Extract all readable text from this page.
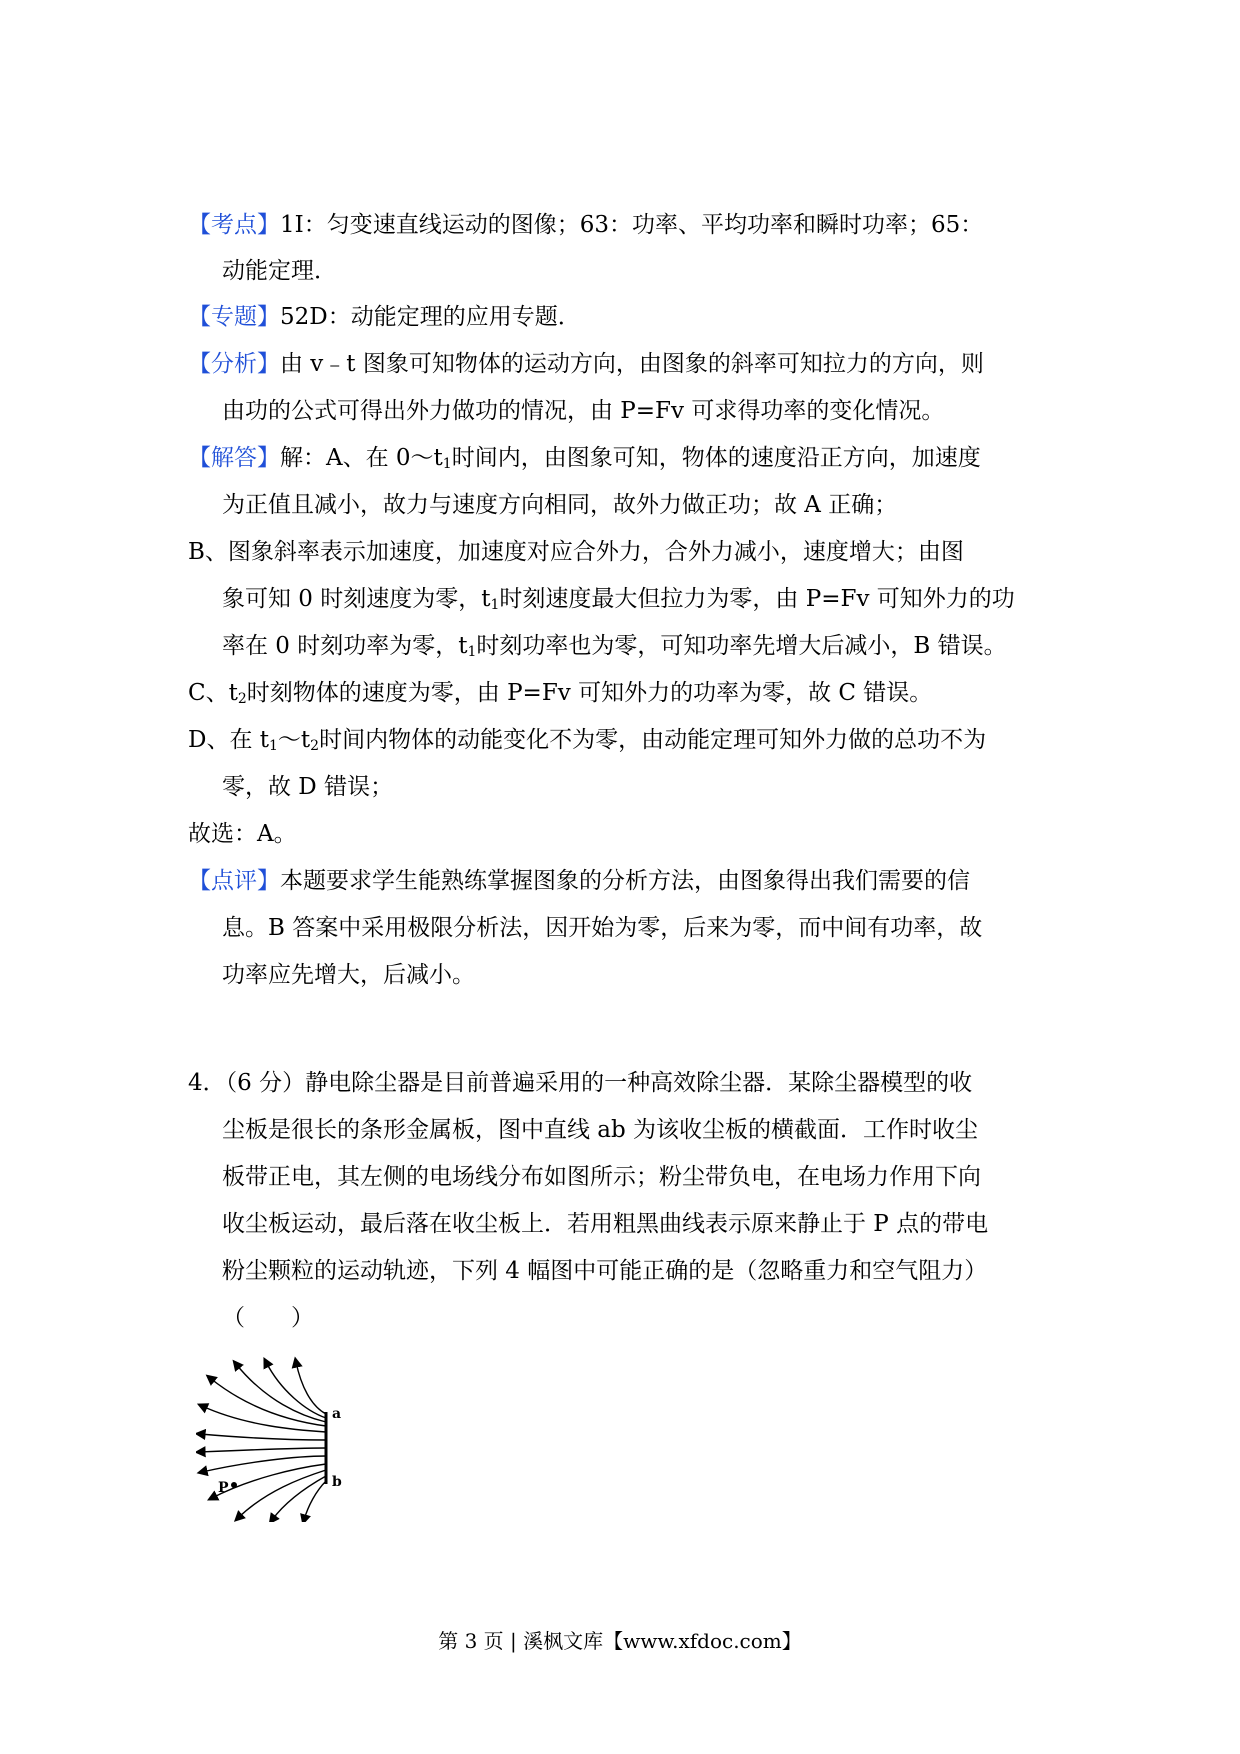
【考点】1I：匀变速直线运动的图像；63：功率、平均功率和瞬时功率；65：
动能定理．
【专题】52D：动能定理的应用专题．
【分析】由 v﹣t 图象可知物体的运动方向，由图象的斜率可知拉力的方向，则
由功的公式可得出外力做功的情况，由 P=Fv 可求得功率的变化情况。
【解答】解：A、在 $0\sim t_1$时间内，由图象可知，物体的速度沿正方向，加速度
为正值且减小，故力与速度方向相同，故外力做正功；故 A 正确；
B、图象斜率表示加速度，加速度对应合外力，合外力减小，速度增大；由图
象可知 0 时刻速度为零，$t_1$时刻速度最大但拉力为零，由 P=Fv 可知外力的功
率在 0 时刻功率为零，$t_1$时刻功率也为零，可知功率先增大后减小，B 错误。
C、$t_2$时刻物体的速度为零，由 P=Fv 可知外力的功率为零，故 C 错误。
D、在 $t_1\sim t_2$时间内物体的动能变化不为零，由动能定理可知外力做的总功不为
零，故 D 错误；
故选：A。
【点评】本题要求学生能熟练掌握图象的分析方法，由图象得出我们需要的信
息。B 答案中采用极限分析法，因开始为零，后来为零，而中间有功率，故
功率应先增大，后减小。
4．（6 分）静电除尘器是目前普遍采用的一种高效除尘器．某除尘器模型的收
尘板是很长的条形金属板，图中直线 ab 为该收尘板的横截面．工作时收尘
板带正电，其左侧的电场线分布如图所示；粉尘带负电，在电场力作用下向
收尘板运动，最后落在收尘板上．若用粗黑曲线表示原来静止于 P 点的带电
粉尘颗粒的运动轨迹，下列 4 幅图中可能正确的是（忽略重力和空气阻力）
（　　）
P
a
b
第 3 页 | 溪枫文库【www.xfdoc.com】
